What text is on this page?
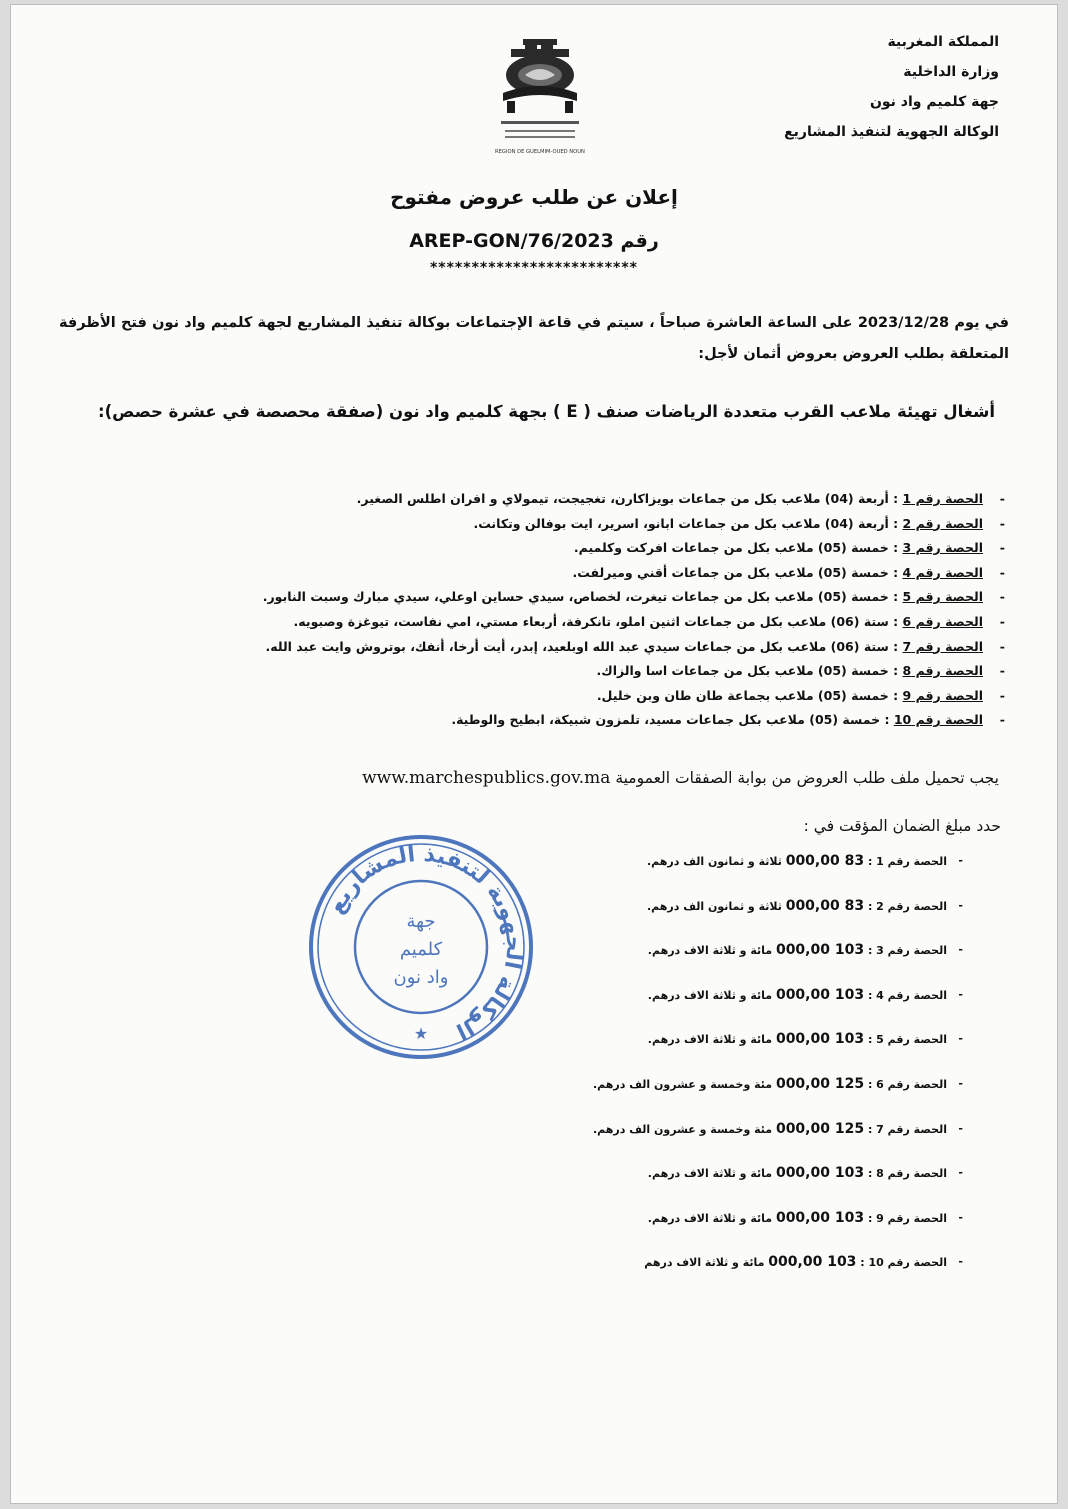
المملكة المغربية
وزارة الداخلية
جهة كلميم واد نون
الوكالة الجهوية لتنفيذ المشاريع
REGION DE GUELMIM-OUED NOUN
إعلان عن طلب عروض مفتوح
رقم 76/2023/AREP-GON
*************************
في يوم 2023/12/28 على الساعة العاشرة صباحاً ، سيتم في قاعة الإجتماعات بوكالة تنفيذ المشاريع لجهة كلميم واد نون فتح الأظرفة المتعلقة بطلب العروض بعروض أثمان لأجل:
أشغال تهيئة ملاعب القرب متعددة الرياضات صنف ( E ) بجهة كلميم واد نون (صفقة محصصة في عشرة حصص):
- الحصة رقم 1 : أربعة (04) ملاعب بكل من جماعات بويزاكارن، تغجيجت، تيمولاي و افران اطلس الصغير.
- الحصة رقم 2 : أربعة (04) ملاعب بكل من جماعات ابانو، اسرير، ايت بوفالن وتكانت.
- الحصة رقم 3 : خمسة (05) ملاعب بكل من جماعات افركت وكلميم.
- الحصة رقم 4 : خمسة (05) ملاعب بكل من جماعات أقني وميرلفت.
- الحصة رقم 5 : خمسة (05) ملاعب بكل من جماعات تيغرت، لخصاص، سيدي حساين اوعلي، سيدي مبارك وسبت النابور.
- الحصة رقم 6 : ستة (06) ملاعب بكل من جماعات اثنين املو، تانكرفة، أربعاء مستي، امي نفاست، تيوغزة وصبويه.
- الحصة رقم 7 : ستة (06) ملاعب بكل من جماعات سيدي عبد الله اوبلعيد، إبدر، أيت أرخا، أنفك، بوتروش وايت عبد الله.
- الحصة رقم 8 : خمسة (05) ملاعب بكل من جماعات اسا والزاك.
- الحصة رقم 9 : خمسة (05) ملاعب بجماعة طان طان وبن خليل.
- الحصة رقم 10 : خمسة (05) ملاعب بكل جماعات مسيد، تلمزون شبيكة، ابطيح والوطية.
يجب تحميل ملف طلب العروض من بوابة الصفقات العمومية www.marchespublics.gov.ma
حدد مبلغ الضمان المؤقت في :
- الحصة رقم 1 : 83 000,00 ثلاثة و ثمانون الف درهم.
- الحصة رقم 2 : 83 000,00 ثلاثة و ثمانون الف درهم.
- الحصة رقم 3 : 103 000,00 مائة و ثلاثة الاف درهم.
- الحصة رقم 4 : 103 000,00 مائة و ثلاثة الاف درهم.
- الحصة رقم 5 : 103 000,00 مائة و ثلاثة الاف درهم.
- الحصة رقم 6 : 125 000,00 مئة وخمسة و عشرون الف درهم.
- الحصة رقم 7 : 125 000,00 مئة وخمسة و عشرون الف درهم.
- الحصة رقم 8 : 103 000,00 مائة و ثلاثة الاف درهم.
- الحصة رقم 9 : 103 000,00 مائة و ثلاثة الاف درهم.
- الحصة رقم 10 : 103 000,00 مائة و ثلاثة الاف درهم
الوكالة الجهوية لتنفيذ المشاريع
جهة
كلميم
واد نون
★
